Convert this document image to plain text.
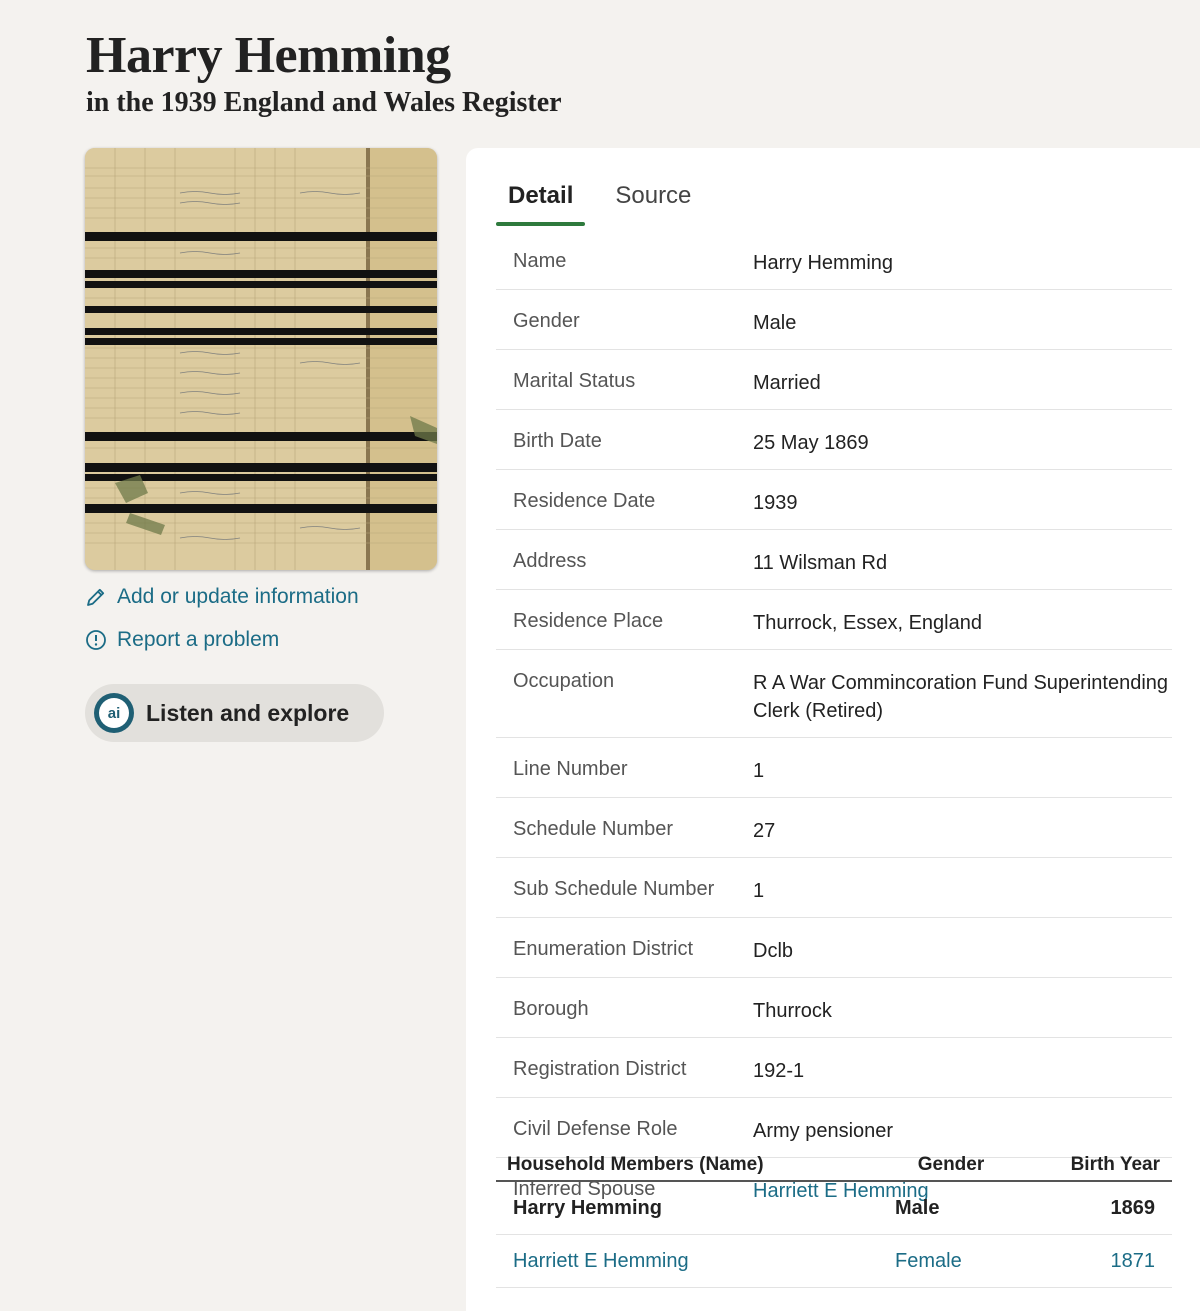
Harry Hemming
in the 1939 England and Wales Register
Add or update information
Report a problem
ai	Listen and explore
Detail	Source
Name	Harry Hemming
Gender	Male
Marital Status	Married
Birth Date	25 May 1869
Residence Date	1939
Address	11 Wilsman Rd
Residence Place	Thurrock, Essex, England
Occupation	R A War Commincoration Fund Superintending Clerk (Retired)
Line Number	1
Schedule Number	27
Sub Schedule Number	1
Enumeration District	Dclb
Borough	Thurrock
Registration District	192-1
Civil Defense Role	Army pensioner
Inferred Spouse	Harriett E Hemming
Household Members (Name)	Gender	Birth Year
Harry Hemming	Male	1869
Harriett E Hemming	Female	1871
